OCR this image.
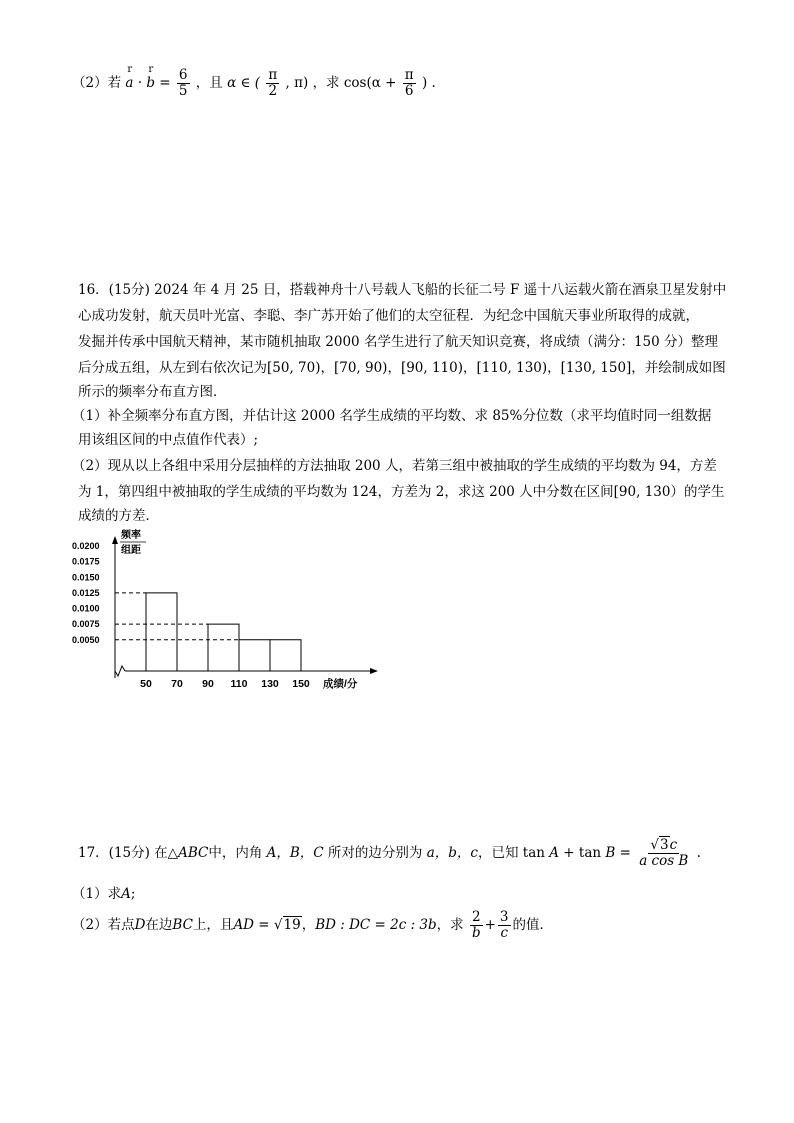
（2）若
r
a ·
r
$b = \frac{6}{5}$ ，且 α ∈ ( $\frac{\pi}{2}$ , π) ，求 $\cos(\alpha + \frac{\pi}{6}$ ) .
16．(15分) 2024 年 4 月 25 日，搭载神舟十八号载人飞船的长征二号 F 遥十八运载火箭在酒泉卫星发射中
心成功发射，航天员叶光富、李聪、李广苏开始了他们的太空征程．为纪念中国航天事业所取得的成就，
发掘并传承中国航天精神，某市随机抽取 2000 名学生进行了航天知识竞赛，将成绩（满分：150 分）整理
后分成五组，从左到右依次记为[50, 70)，[70, 90)，[90, 110)，[110, 130)，[130, 150]，并绘制成如图
所示的频率分布直方图．
（1）补全频率分布直方图，并估计这 2000 名学生成绩的平均数、求 85%分位数（求平均值时同一组数据
用该组区间的中点值作代表）;
（2）现从以上各组中采用分层抽样的方法抽取 200 人，若第三组中被抽取的学生成绩的平均数为 94，方差
为 1，第四组中被抽取的学生成绩的平均数为 124，方差为 2，求这 200 人中分数在区间[90, 130）的学生
成绩的方差．
频率
组距
成绩/分
0.0200
0.0175
0.0150
0.0125
0.0100
0.0075
0.0050
50 70 90 110 130 150
17．(15分) 在△ABC中，内角 A，B，C 所对的边分别为 a，b，c，已知 $\tan A + \tan B = \frac{√3c}{\text{a cos B}}$ .
（1）求A;
（2）若点D在边BC上，且AD = √19，BD : DC = 2c : 3b，求 $\frac{2}{b} + \frac{3}{c}$ 的值．
